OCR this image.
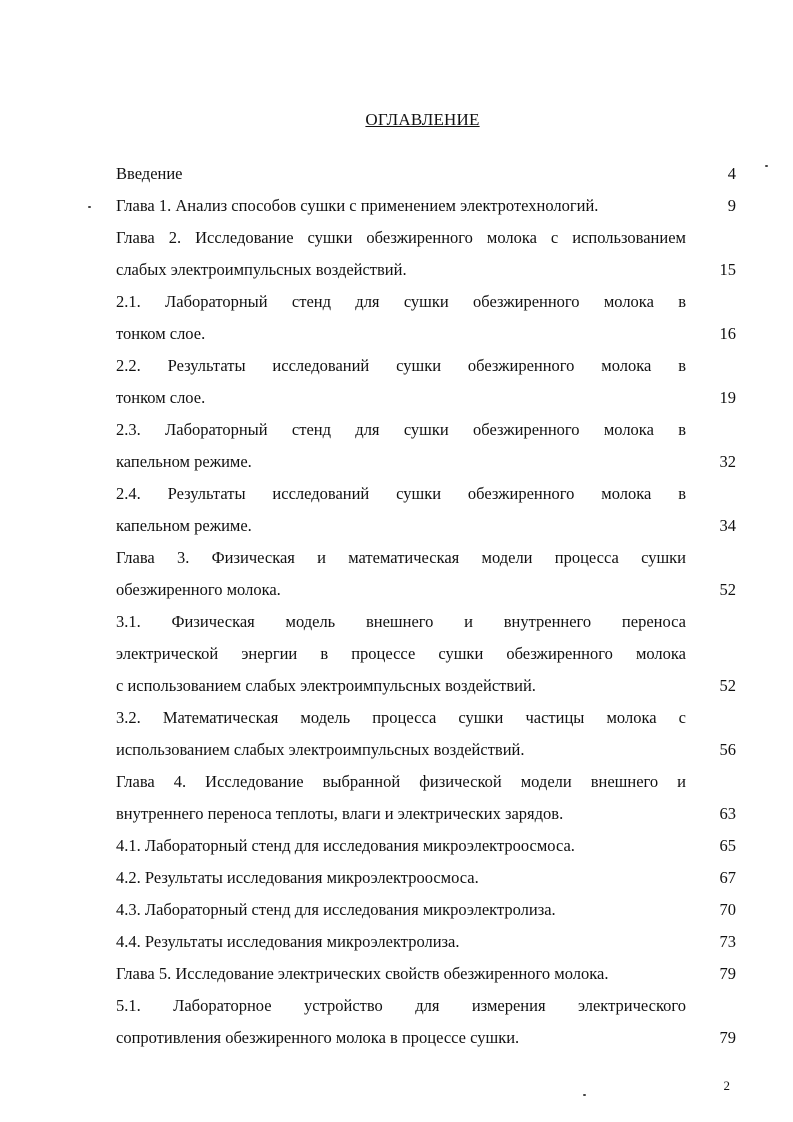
ОГЛАВЛЕНИЕ
Введение	4
Глава 1. Анализ способов сушки с применением электротехнологий.	9
Глава 2. Исследование сушки обезжиренного молока с использованием
слабых электроимпульсных воздействий.	15
2.1. Лабораторный стенд для сушки обезжиренного молока в
тонком слое.	16
2.2. Результаты исследований сушки обезжиренного молока в
тонком слое.	19
2.3. Лабораторный стенд для сушки обезжиренного молока в
капельном режиме.	32
2.4. Результаты исследований сушки обезжиренного молока в
капельном режиме.	34
Глава 3. Физическая и математическая модели процесса сушки
обезжиренного молока.	52
3.1. Физическая модель внешнего и внутреннего переноса
электрической энергии в процессе сушки обезжиренного молока
с использованием слабых электроимпульсных воздействий.	52
3.2. Математическая модель процесса сушки частицы молока с
использованием слабых электроимпульсных воздействий.	56
Глава 4. Исследование выбранной физической модели внешнего и
внутреннего переноса теплоты, влаги и электрических зарядов.	63
4.1. Лабораторный стенд для исследования микроэлектроосмоса.	65
4.2. Результаты исследования микроэлектроосмоса.	67
4.3. Лабораторный стенд для исследования микроэлектролиза.	70
4.4. Результаты исследования микроэлектролиза.	73
Глава 5. Исследование электрических свойств обезжиренного молока.	79
5.1. Лабораторное устройство для измерения электрического
сопротивления обезжиренного молока в процессе сушки.	79
2
